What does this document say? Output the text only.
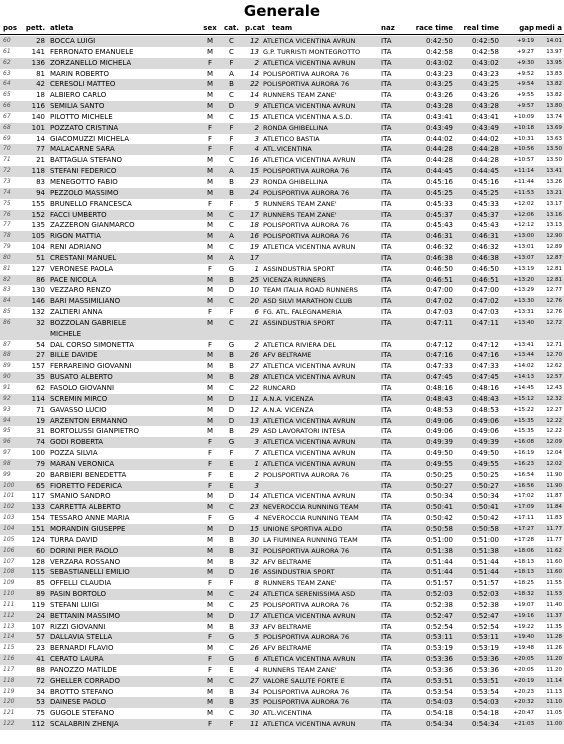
Generale
pos	pett. atleta	sex	cat. p.cat	team	naz	race time	real time	gap medi a
60	28 BOCCA LUIGI	M	C	12 ATLETICA VICENTINA AVRUN	ITA	0:42:50	0:42:50	+9:19	14.01
61	141 FERRONATO EMANUELE	M	C	13 G.P. TURRISTI MONTEGROTTO	ITA	0:42:58	0:42:58	+9:27	13.97
62	136 ZORZANELLO MICHELA	F	F	2 ATLETICA VICENTINA AVRUN	ITA	0:43:02	0:43:02	+9:30	13.95
63	81 MARIN ROBERTO	M	A	14 POLISPORTIVA AURORA 76	ITA	0:43:23	0:43:23	+9:52	13.83
64	42 CERESOLI MATTEO	M	B	22 POLISPORTIVA AURORA 76	ITA	0:43:25	0:43:25	+9:54	13.82
65	18 ALBIERO CARLO	M	C	14 RUNNERS TEAM ZANE'	ITA	0:43:26	0:43:26	+9:55	13.82
66	116 SEMILIA SANTO	M	D	9 ATLETICA VICENTINA AVRUN	ITA	0:43:28	0:43:28	+9:57	13.80
67	140 PILOTTO MICHELE	M	C	15 ATLETICA VICENTINA A.S.D.	ITA	0:43:41	0:43:41	+10:09	13.74
68	101 POZZATO CRISTINA	F	F	2 RONDA GHIBELLINA	ITA	0:43:49	0:43:49	+10:18	13.69
69	14 GIACOMUZZI MICHELA	F	F	3 ATLETICO BASTIA	ITA	0:44:02	0:44:02	+10:31	13.63
70	77 MALACARNE SARA	F	F	4 ATL.VICENTINA	ITA	0:44:28	0:44:28	+10:56	13.50
71	21 BATTAGLIA STEFANO	M	C	16 ATLETICA VICENTINA AVRUN	ITA	0:44:28	0:44:28	+10:57	13.50
72	118 STEFANI FEDERICO	M	A	15 POLISPORTIVA AURORA 76	ITA	0:44:45	0:44:45	+11:14	13.41
73	83 MENEGOTTO FABIO	M	B	23 RONDA GHIBELLINA	ITA	0:45:16	0:45:16	+11:44	13.26
74	94 PEZZOLO MASSIMO	M	B	24 POLISPORTIVA AURORA 76	ITA	0:45:25	0:45:25	+11:53	13.21
75	155 BRUNELLO FRANCESCA	F	F	5 RUNNERS TEAM ZANE'	ITA	0:45:33	0:45:33	+12:02	13.17
76	152 FACCI UMBERTO	M	C	17 RUNNERS TEAM ZANE'	ITA	0:45:37	0:45:37	+12:06	13.16
77	135 ZAZZERON GIANMARCO	M	C	18 POLISPORTIVA AURORA 76	ITA	0:45:43	0:45:43	+12:12	13.13
78	105 RIGON MATTIA	M	A	16 POLISPORTIVA AURORA 76	ITA	0:46:31	0:46:31	+13:00	12.90
79	104 RENI ADRIANO	M	C	19 ATLETICA VICENTINA AVRUN	ITA	0:46:32	0:46:32	+13:01	12.89
80	51 CRESTANI MANUEL	M	A	17	ITA	0:46:38	0:46:38	+13:07	12.87
81	127 VERONESE PAOLA	F	G	1 ASSINDUSTRIA SPORT	ITA	0:46:50	0:46:50	+13:19	12.81
82	86 PACE NICOLA	M	B	25 VICENZA RUNNERS	ITA	0:46:51	0:46:51	+13:20	12.81
83	130 VEZZARO RENZO	M	D	10 TEAM ITALIA ROAD RUNNERS	ITA	0:47:00	0:47:00	+13:29	12.77
84	146 BARI MASSIMILIANO	M	C	20 ASD SILVI MARATHON CLUB	ITA	0:47:02	0:47:02	+13:30	12.76
85	132 ZALTIERI ANNA	F	F	6 FG. ATL. FALEGNAMERIA	ITA	0:47:03	0:47:03	+13:31	12.76
86	32 BOZZOLAN GABRIELE	M	C	21 ASSINDUSTRIA SPORT	ITA	0:47:11	0:47:11	+13:40	12.72
MICHELE
87	54 DAL CORSO SIMONETTA	F	G	2 ATLETICA RIVIERA DEL	ITA	0:47:12	0:47:12	+13:41	12.71
88	27 BILLE DAVIDE	M	B	26 AFV BELTRAME	ITA	0:47:16	0:47:16	+13:44	12.70
89	157 FERRAREINO GIOVANNI	M	B	27 ATLETICA VICENTINA AVRUN	ITA	0:47:33	0:47:33	+14:02	12.62
90	35 BUSATO ALBERTO	M	B	28 ATLETICA VICENTINA AVRUN	ITA	0:47:45	0:47:45	+14:13	12.57
91	62 FASOLO GIOVANNI	M	C	22 RUNCARD	ITA	0:48:16	0:48:16	+14:45	12.43
92	114 SCREMIN MIRCO	M	D	11 A.N.A. VICENZA	ITA	0:48:43	0:48:43	+15:12	12.32
93	71 GAVASSO LUCIO	M	D	12 A.N.A. VICENZA	ITA	0:48:53	0:48:53	+15:22	12.27
94	19 ARZENTON ERMANNO	M	D	13 ATLETICA VICENTINA AVRUN	ITA	0:49:06	0:49:06	+15:35	12.22
95	31 BORTOLUSSI GIANPIETRO	M	B	29 ASD LAVORATORI INTESA	ITA	0:49:06	0:49:06	+15:35	12.22
96	74 GODI ROBERTA	F	G	3 ATLETICA VICENTINA AVRUN	ITA	0:49:39	0:49:39	+16:08	12.09
97	100 POZZA SILVIA	F	F	7 ATLETICA VICENTINA AVRUN	ITA	0:49:50	0:49:50	+16:19	12.04
98	79 MARAN VERONICA	F	E	1 ATLETICA VICENTINA AVRUN	ITA	0:49:55	0:49:55	+16:23	12.02
99	20 BARBIERI BENEDETTA	F	E	2 POLISPORTIVA AURORA 76	ITA	0:50:25	0:50:25	+16:54	11.90
100	65 FIORETTO FEDERICA	F	E	3	ITA	0:50:27	0:50:27	+16:56	11.90
101	117 SMANIO SANDRO	M	D	14 ATLETICA VICENTINA AVRUN	ITA	0:50:34	0:50:34	+17:02	11.87
102	133 CARRETTA ALBERTO	M	C	23 NEVEROCCIA RUNNING TEAM	ITA	0:50:41	0:50:41	+17:09	11.84
103	154 TESSARO ANNE MARIA	F	G	4 NEVEROCCIA RUNNING TEAM	ITA	0:50:42	0:50:42	+17:11	11.83
104	151 MORANDIN GIUSEPPE	M	D	15 UNIONE SPORTIVA ALDO	ITA	0:50:58	0:50:58	+17:27	11.77
105	124 TURRA DAVID	M	B	30 LA FIUMINEA RUNNING TEAM	ITA	0:51:00	0:51:00	+17:28	11.77
106	60 DORINI PIER PAOLO	M	B	31 POLISPORTIVA AURORA 76	ITA	0:51:38	0:51:38	+18:06	11.62
107	128 VERZARA ROSSANO	M	B	32 AFV BELTRAME	ITA	0:51:44	0:51:44	+18:13	11.60
108	115 SEBASTIANELLI EMILIO	M	D	16 ASSINDUSTRIA SPORT	ITA	0:51:44	0:51:44	+18:13	11.60
109	85 OFFELLI CLAUDIA	F	F	8 RUNNERS TEAM ZANE'	ITA	0:51:57	0:51:57	+18:25	11.55
110	89 PASIN BORTOLO	M	C	24 ATLETICA SERENISSIMA ASD	ITA	0:52:03	0:52:03	+18:32	11.53
111	119 STEFANI LUIGI	M	C	25 POLISPORTIVA AURORA 76	ITA	0:52:38	0:52:38	+19:07	11.40
112	24 BETTANIN MASSIMO	M	D	17 ATLETICA VICENTINA AVRUN	ITA	0:52:47	0:52:47	+19:16	11.37
113	107 RIZZI GIOVANNI	M	B	33 AFV BELTRAME	ITA	0:52:54	0:52:54	+19:22	11.35
114	57 DALLAVIA STELLA	F	G	5 POLISPORTIVA AURORA 76	ITA	0:53:11	0:53:11	+19:40	11.28
115	23 BERNARDI FLAVIO	M	C	26 AFV BELTRAME	ITA	0:53:19	0:53:19	+19:48	11.26
116	41 CERATO LAURA	F	G	6 ATLETICA VICENTINA AVRUN	ITA	0:53:36	0:53:36	+20:05	11.20
117	88 PANOZZO MATILDE	F	E	4 RUNNERS TEAM ZANE'	ITA	0:53:36	0:53:36	+20:05	11.20
118	72 GHELLER CORRADO	M	C	27 VALORE SALUTE FORTE E	ITA	0:53:51	0:53:51	+20:19	11.14
119	34 BROTTO STEFANO	M	B	34 POLISPORTIVA AURORA 76	ITA	0:53:54	0:53:54	+20:23	11.13
120	53 DAINESE PAOLO	M	B	35 POLISPORTIVA AURORA 76	ITA	0:54:03	0:54:03	+20:32	11.10
121	75 GUGOLE STEFANO	M	C	30 ATL.VICENTINA	ITA	0:54:18	0:54:18	+20:47	11.05
122	112 SCALABRIN ZHENJA	F	F	11 ATLETICA VICENTINA AVRUN	ITA	0:54:34	0:54:34	+21:03	11.00
